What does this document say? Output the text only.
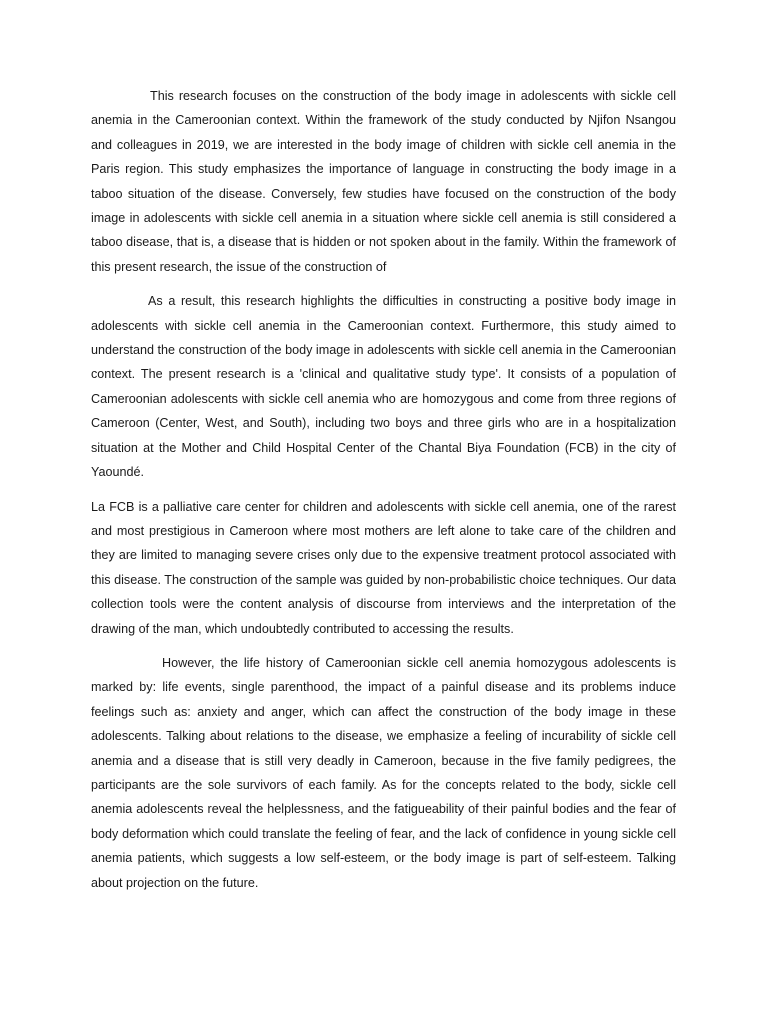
This research focuses on the construction of the body image in adolescents with sickle cell anemia in the Cameroonian context. Within the framework of the study conducted by Njifon Nsangou and colleagues in 2019, we are interested in the body image of children with sickle cell anemia in the Paris region. This study emphasizes the importance of language in constructing the body image in a taboo situation of the disease. Conversely, few studies have focused on the construction of the body image in adolescents with sickle cell anemia in a situation where sickle cell anemia is still considered a taboo disease, that is, a disease that is hidden or not spoken about in the family. Within the framework of this present research, the issue of the construction of

As a result, this research highlights the difficulties in constructing a positive body image in adolescents with sickle cell anemia in the Cameroonian context. Furthermore, this study aimed to understand the construction of the body image in adolescents with sickle cell anemia in the Cameroonian context. The present research is a 'clinical and qualitative study type'. It consists of a population of Cameroonian adolescents with sickle cell anemia who are homozygous and come from three regions of Cameroon (Center, West, and South), including two boys and three girls who are in a hospitalization situation at the Mother and Child Hospital Center of the Chantal Biya Foundation (FCB) in the city of Yaoundé.

La FCB is a palliative care center for children and adolescents with sickle cell anemia, one of the rarest and most prestigious in Cameroon where most mothers are left alone to take care of the children and they are limited to managing severe crises only due to the expensive treatment protocol associated with this disease. The construction of the sample was guided by non-probabilistic choice techniques. Our data collection tools were the content analysis of discourse from interviews and the interpretation of the drawing of the man, which undoubtedly contributed to accessing the results.

However, the life history of Cameroonian sickle cell anemia homozygous adolescents is marked by: life events, single parenthood, the impact of a painful disease and its problems induce feelings such as: anxiety and anger, which can affect the construction of the body image in these adolescents. Talking about relations to the disease, we emphasize a feeling of incurability of sickle cell anemia and a disease that is still very deadly in Cameroon, because in the five family pedigrees, the participants are the sole survivors of each family. As for the concepts related to the body, sickle cell anemia adolescents reveal the helplessness, and the fatigueability of their painful bodies and the fear of body deformation which could translate the feeling of fear, and the lack of confidence in young sickle cell anemia patients, which suggests a low self-esteem, or the body image is part of self-esteem. Talking about projection on the future.
